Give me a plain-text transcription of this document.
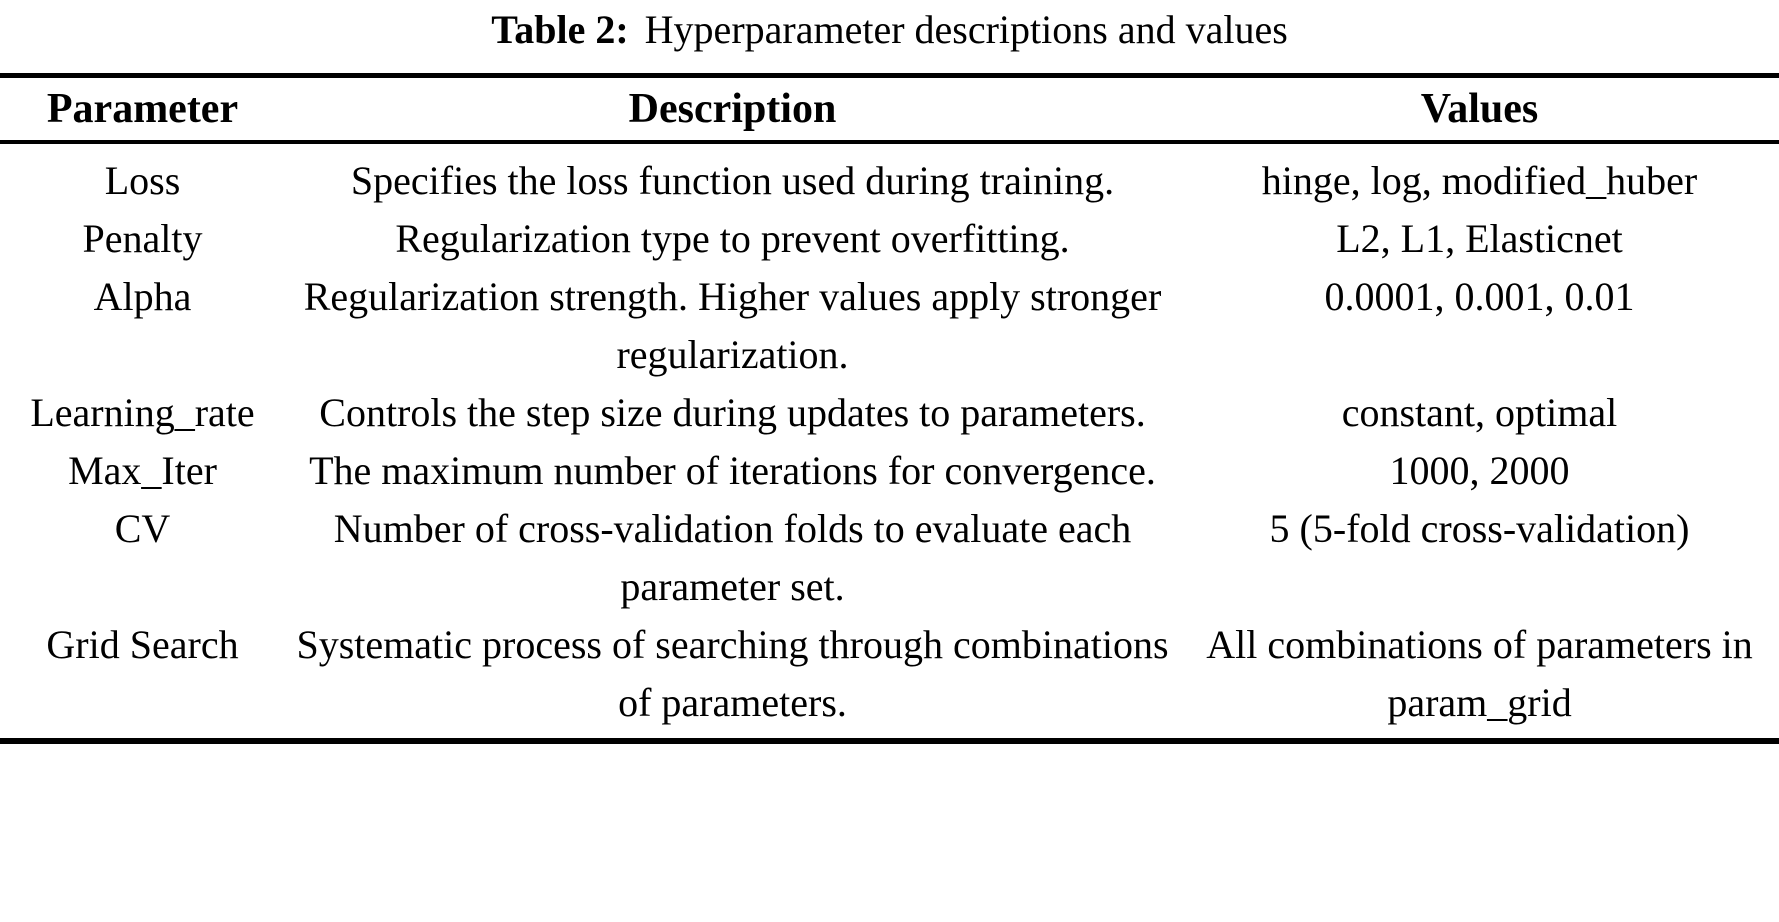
Table 2: Hyperparameter descriptions and values
Parameter	Description	Values
Loss	Specifies the loss function used during training.	hinge, log, modified_huber
Penalty	Regularization type to prevent overfitting.	L2, L1, Elasticnet
Alpha	Regularization strength. Higher values apply stronger regularization.	0.0001, 0.001, 0.01
Learning_rate	Controls the step size during updates to parameters.	constant, optimal
Max_Iter	The maximum number of iterations for convergence.	1000, 2000
CV	Number of cross-validation folds to evaluate each parameter set.	5 (5-fold cross-validation)
Grid Search	Systematic process of searching through combinations of parameters.	All combinations of parameters in param_grid
